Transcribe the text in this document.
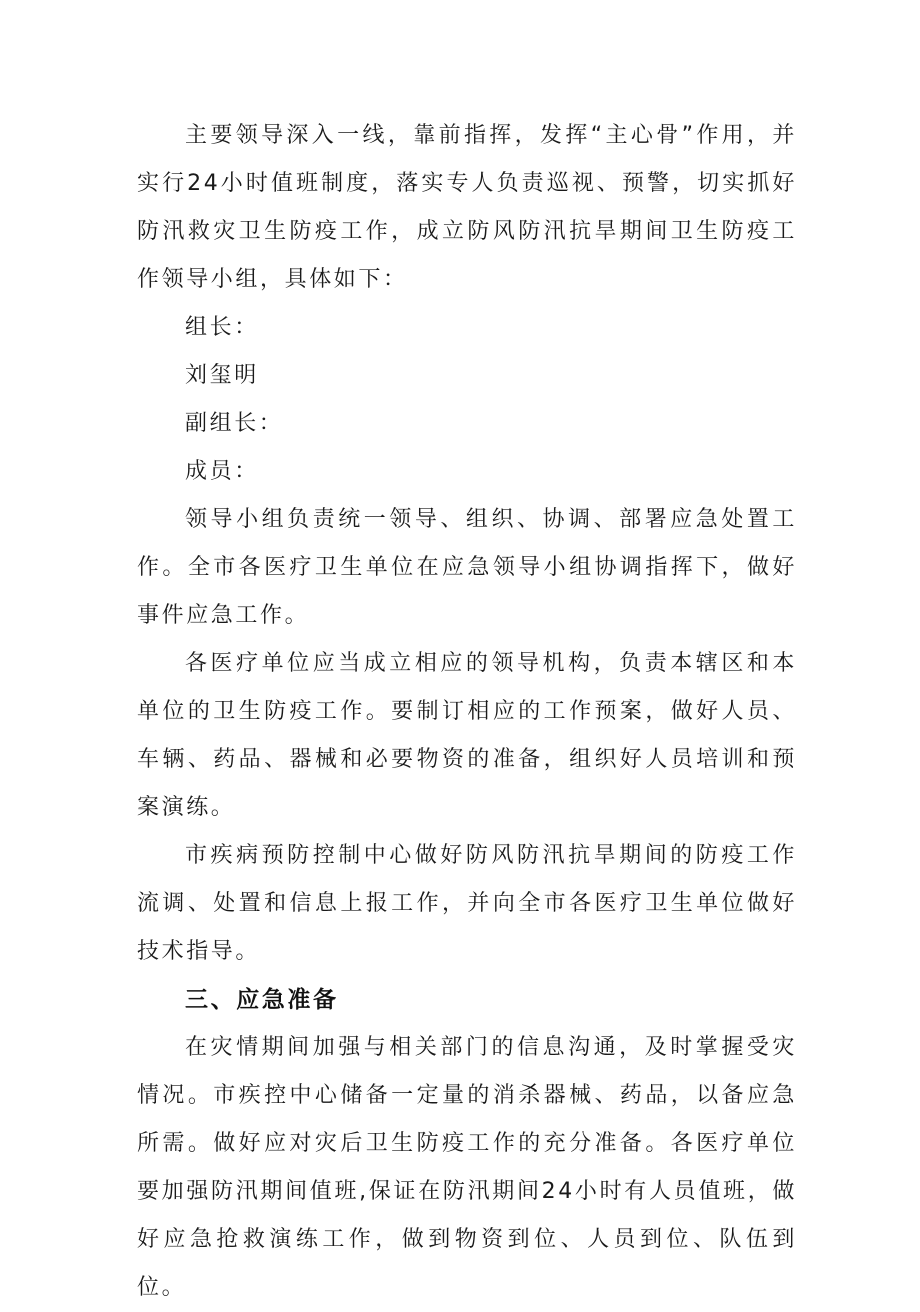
主要领导深入一线，靠前指挥，发挥“主心骨”作用，并实行24小时值班制度，落实专人负责巡视、预警，切实抓好防汛救灾卫生防疫工作，成立防风防汛抗旱期间卫生防疫工作领导小组，具体如下：

组长：

刘玺明

副组长：

成员：

领导小组负责统一领导、组织、协调、部署应急处置工作。全市各医疗卫生单位在应急领导小组协调指挥下，做好事件应急工作。

各医疗单位应当成立相应的领导机构，负责本辖区和本单位的卫生防疫工作。要制订相应的工作预案，做好人员、车辆、药品、器械和必要物资的准备，组织好人员培训和预案演练。

市疾病预防控制中心做好防风防汛抗旱期间的防疫工作流调、处置和信息上报工作，并向全市各医疗卫生单位做好技术指导。

三、应急准备

在灾情期间加强与相关部门的信息沟通，及时掌握受灾情况。市疾控中心储备一定量的消杀器械、药品，以备应急所需。做好应对灾后卫生防疫工作的充分准备。各医疗单位要加强防汛期间值班,保证在防汛期间24小时有人员值班，做好应急抢救演练工作，做到物资到位、人员到位、队伍到位。
